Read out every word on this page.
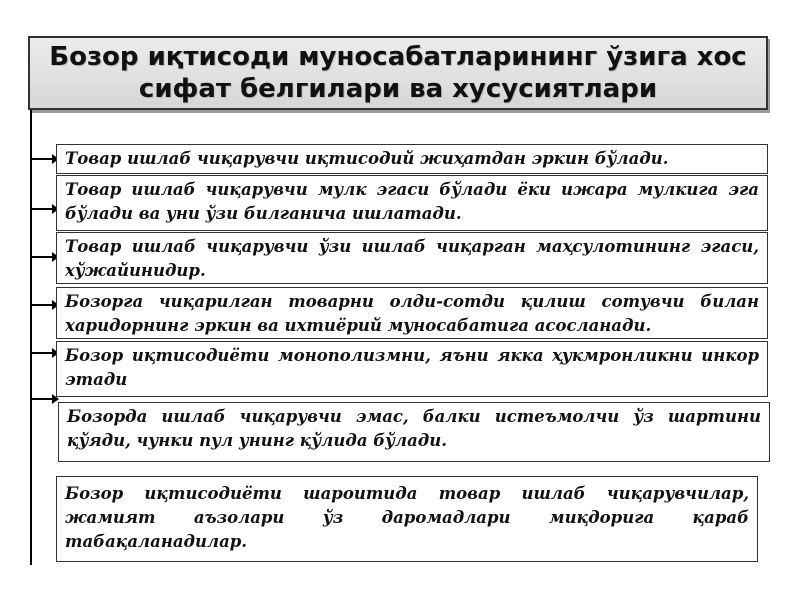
Бозор иқтисоди муносабатларининг ўзига хос сифат белгилари ва хусусиятлари
Товар ишлаб чиқарувчи иқтисодий жиҳатдан эркин бўлади.
Товар ишлаб чиқарувчи мулк эгаси бўлади ёки ижара мулкига эга бўлади ва уни ўзи билганича ишлатади.
Товар ишлаб чиқарувчи ўзи ишлаб чиқарган маҳсулотининг эгаси, хўжайинидир.
Бозорга чиқарилган товарни олди-сотди қилиш сотувчи билан харидорнинг эркин ва ихтиёрий муносабатига асосланади.
Бозор иқтисодиёти монополизмни, яъни якка ҳукмронликни инкор этади
Бозорда ишлаб чиқарувчи эмас, балки истеъмолчи ўз шартини қўяди, чунки пул унинг қўлида бўлади.
Бозор иқтисодиёти шароитида товар ишлаб чиқарувчилар, жамият аъзолари ўз даромадлари миқдорига қараб табақаланадилар.
